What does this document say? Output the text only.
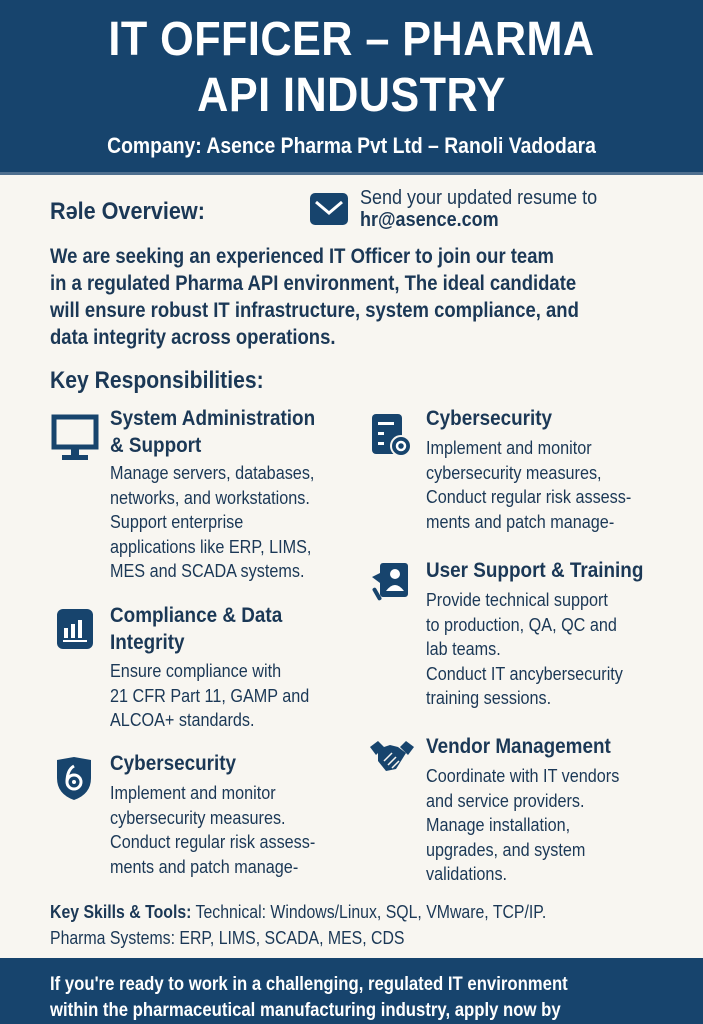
IT OFFICER – PHARMA
API INDUSTRY
Company: Asence Pharma Pvt Ltd – Ranoli Vadodara
Rəle Overview:	Send your updated resume to
hr@asence.com
We are seeking an experienced IT Officer to join our team
in a regulated Pharma API environment, The ideal candidate
will ensure robust IT infrastructure, system compliance, and
data integrity across operations.
Key Responsibilities:
System Administration
& Support
Manage servers, databases,
networks, and workstations.
Support enterprise
applications like ERP, LIMS,
MES and SCADA systems.
Compliance & Data
Integrity
Ensure compliance with
21 CFR Part 11, GAMP and
ALCOA+ standards.
Cybersecurity
Implement and monitor
cybersecurity measures.
Conduct regular risk assess-
ments and patch manage-
Cybersecurity
Implement and monitor
cybersecurity measures,
Conduct regular risk assess-
ments and patch manage-
User Support & Training
Provide technical support
to production, QA, QC and
lab teams.
Conduct IT ancybersecurity
training sessions.
Vendor Management
Coordinate with IT vendors
and service providers.
Manage installation,
upgrades, and system
validations.
Key Skills & Tools: Technical: Windows/Linux, SQL, VMware, TCP/IP.
Pharma Systems: ERP, LIMS, SCADA, MES, CDS
If you're ready to work in a challenging, regulated IT environment
within the pharmaceutical manufacturing industry, apply now by
